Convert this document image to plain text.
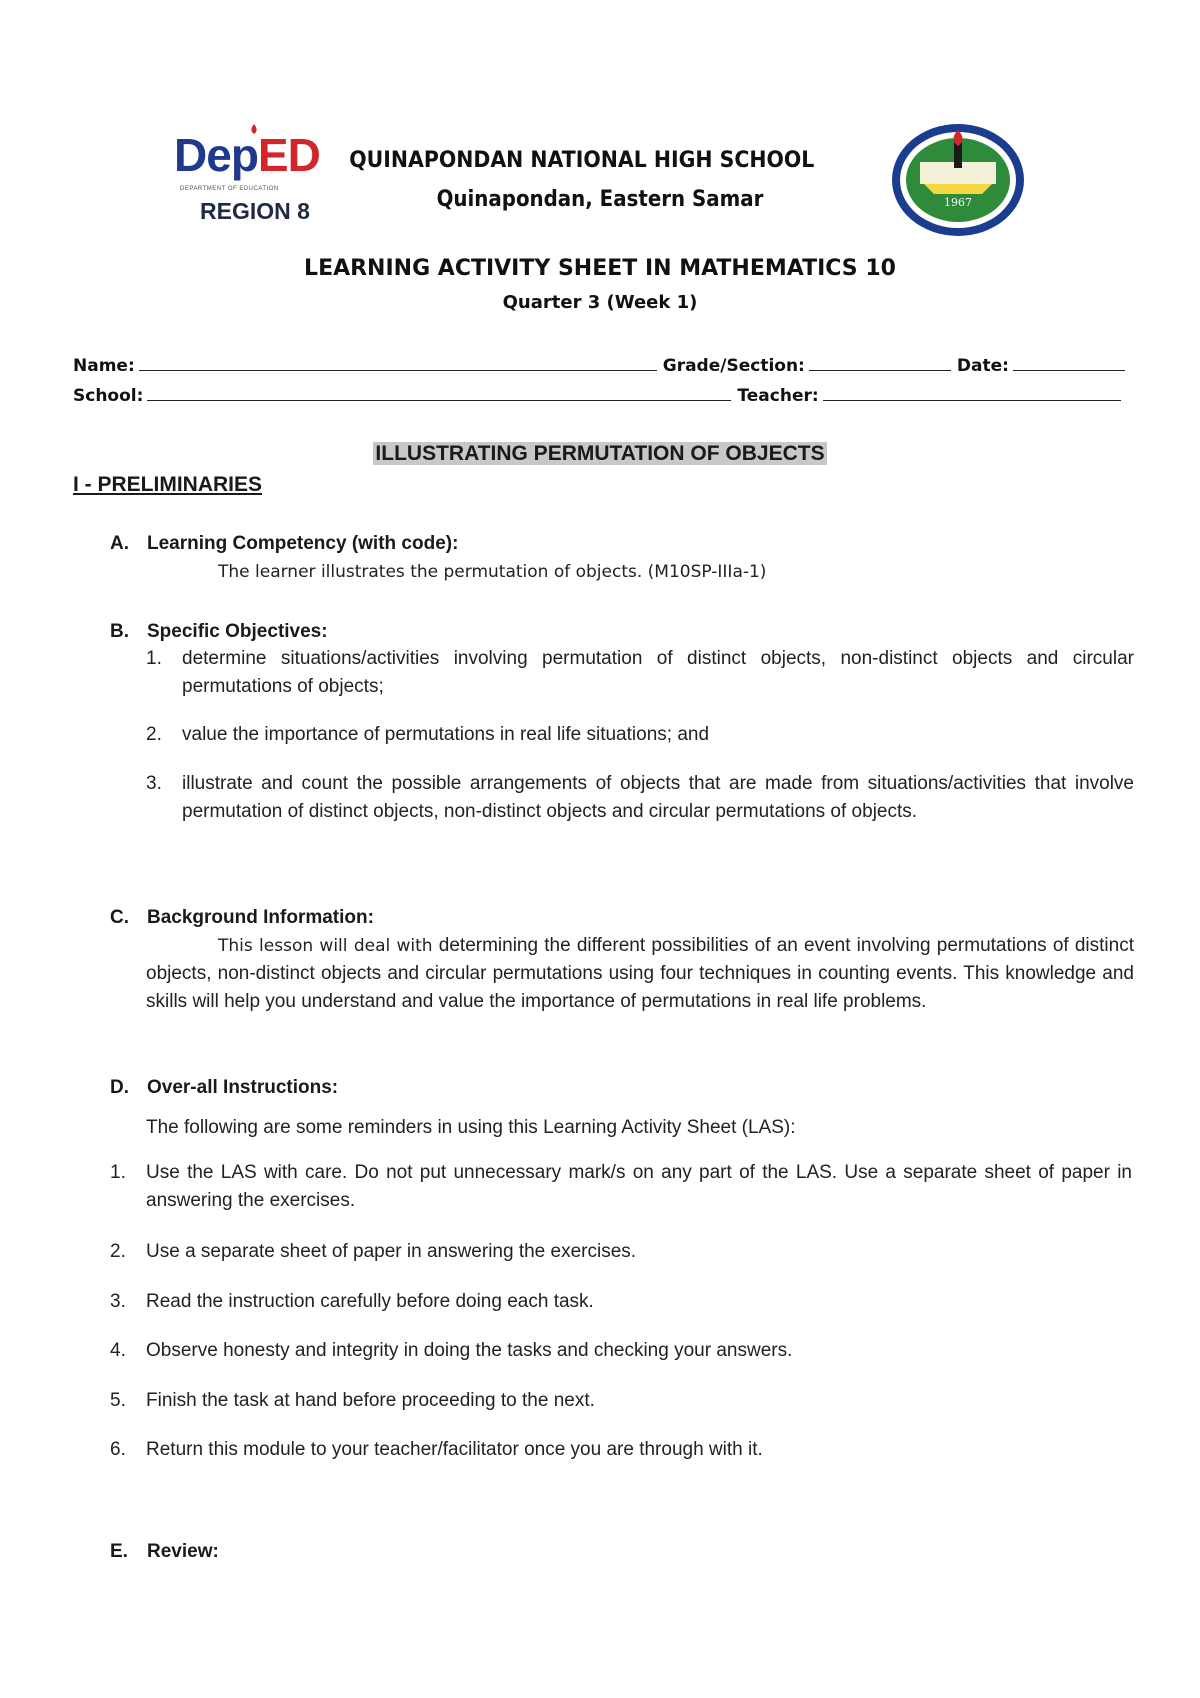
DepED
DEPARTMENT OF EDUCATION
REGION 8
QUINAPONDAN NATIONAL HIGH SCHOOL
Quinapondan, Eastern Samar	1967
LEARNING ACTIVITY SHEET IN MATHEMATICS 10
Quarter 3 (Week 1)
Name:	Grade/Section:	Date:
School:	Teacher:
ILLUSTRATING PERMUTATION OF OBJECTS
I - PRELIMINARIES
A. Learning Competency (with code):
The learner illustrates the permutation of objects. (M10SP-IIIa-1)
B. Specific Objectives:
1. determine situations/activities involving permutation of distinct objects, non-distinct objects and circular permutations of objects;
2. value the importance of permutations in real life situations; and
3. illustrate and count the possible arrangements of objects that are made from situations/activities that involve permutation of distinct objects, non-distinct objects and circular permutations of objects.
C. Background Information:
This lesson will deal with determining the different possibilities of an event involving permutations of distinct objects, non-distinct objects and circular permutations using four techniques in counting events. This knowledge and skills will help you understand and value the importance of permutations in real life problems.
D. Over-all Instructions:
The following are some reminders in using this Learning Activity Sheet (LAS):
1. Use the LAS with care. Do not put unnecessary mark/s on any part of the LAS. Use a separate sheet of paper in answering the exercises.
2. Use a separate sheet of paper in answering the exercises.
3. Read the instruction carefully before doing each task.
4. Observe honesty and integrity in doing the tasks and checking your answers.
5. Finish the task at hand before proceeding to the next.
6. Return this module to your teacher/facilitator once you are through with it.
E. Review:
